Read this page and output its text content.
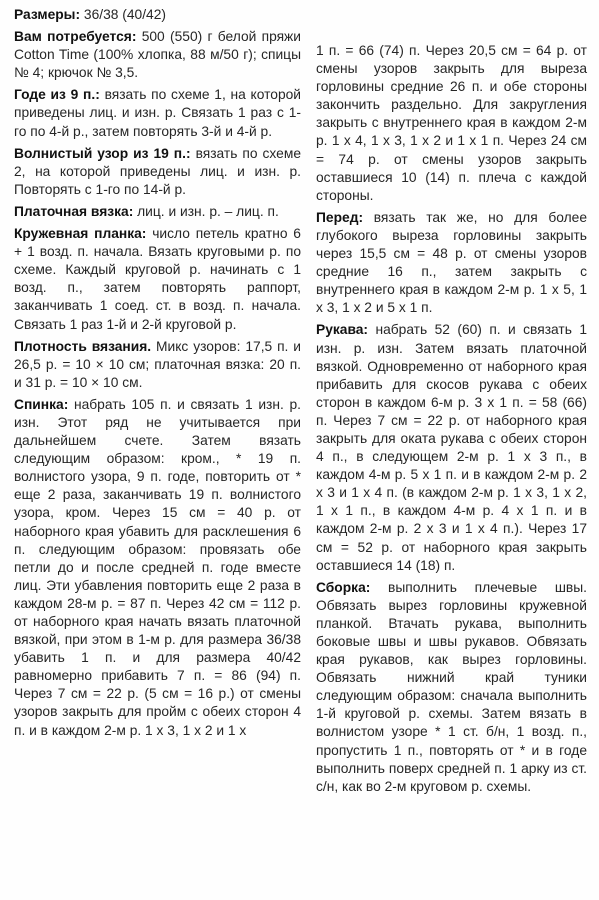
Размеры: 36/38 (40/42)

Вам потребуется: 500 (550) г белой пряжи Cotton Time (100% хлопка, 88 м/50 г); спицы № 4; крючок № 3,5.

Годе из 9 п.: вязать по схеме 1, на которой приведены лиц. и изн. р. Связать 1 раз с 1-го по 4-й р., затем повторять 3-й и 4-й р.

Волнистый узор из 19 п.: вязать по схеме 2, на которой приведены лиц. и изн. р. Повторять с 1-го по 14-й р.

Платочная вязка: лиц. и изн. р. – лиц. п.

Кружевная планка: число петель кратно 6 + 1 возд. п. начала. Вязать круговыми р. по схеме. Каждый круговой р. начинать с 1 возд. п., затем повторять раппорт, заканчивать 1 соед. ст. в возд. п. начала. Связать 1 раз 1-й и 2-й круговой р.

Плотность вязания. Микс узоров: 17,5 п. и 26,5 р. = 10 × 10 см; платочная вязка: 20 п. и 31 р. = 10 × 10 см.

Спинка: набрать 105 п. и связать 1 изн. р. изн. Этот ряд не учитывается при дальнейшем счете. Затем вязать следующим образом: кром., * 19 п. волнистого узора, 9 п. годе, повторить от * еще 2 раза, заканчивать 19 п. волнистого узора, кром. Через 15 см = 40 р. от наборного края убавить для расклешения 6 п. следующим образом: провязать обе петли до и после средней п. годе вместе лиц. Эти убавления повторить еще 2 раза в каждом 28-м р. = 87 п. Через 42 см = 112 р. от наборного края начать вязать платочной вязкой, при этом в 1-м р. для размера 36/38 убавить 1 п. и для размера 40/42 равномерно прибавить 7 п. = 86 (94) п. Через 7 см = 22 р. (5 см = 16 р.) от смены узоров закрыть для пройм с обеих сторон 4 п. и в каждом 2-м р. 1 х 3, 1 х 2 и 1 х

1 п. = 66 (74) п. Через 20,5 см = 64 р. от смены узоров закрыть для выреза горловины средние 26 п. и обе стороны закончить раздельно. Для закругления закрыть с внутреннего края в каждом 2-м р. 1 х 4, 1 х 3, 1 х 2 и 1 х 1 п. Через 24 см = 74 р. от смены узоров закрыть оставшиеся 10 (14) п. плеча с каждой стороны.

Перед: вязать так же, но для более глубокого выреза горловины закрыть через 15,5 см = 48 р. от смены узоров средние 16 п., затем закрыть с внутреннего края в каждом 2-м р. 1 х 5, 1 х 3, 1 х 2 и 5 х 1 п.

Рукава: набрать 52 (60) п. и связать 1 изн. р. изн. Затем вязать платочной вязкой. Одновременно от наборного края прибавить для скосов рукава с обеих сторон в каждом 6-м р. 3 х 1 п. = 58 (66) п. Через 7 см = 22 р. от наборного края закрыть для оката рукава с обеих сторон 4 п., в следующем 2-м р. 1 х 3 п., в каждом 4-м р. 5 х 1 п. и в каждом 2-м р. 2 х 3 и 1 х 4 п. (в каждом 2-м р. 1 х 3, 1 х 2, 1 х 1 п., в каждом 4-м р. 4 х 1 п. и в каждом 2-м р. 2 х 3 и 1 х 4 п.). Через 17 см = 52 р. от наборного края закрыть оставшиеся 14 (18) п.

Сборка: выполнить плечевые швы. Обвязать вырез горловины кружевной планкой. Втачать рукава, выполнить боковые швы и швы рукавов. Обвязать края рукавов, как вырез горловины. Обвязать нижний край туники следующим образом: сначала выполнить 1-й круговой р. схемы. Затем вязать в волнистом узоре * 1 ст. б/н, 1 возд. п., пропустить 1 п., повторять от * и в годе выполнить поверх средней п. 1 арку из ст. с/н, как во 2-м круговом р. схемы.
